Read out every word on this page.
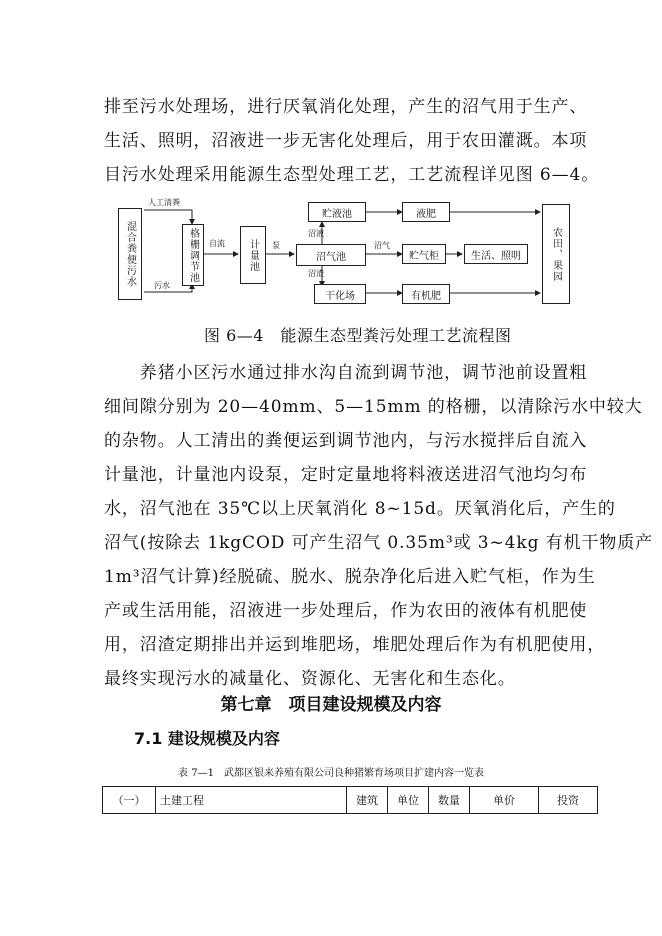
排至污水处理场，进行厌氧消化处理，产生的沼气用于生产、
生活、照明，沼液进一步无害化处理后，用于农田灌溉。本项
目污水处理采用能源生态型处理工艺，工艺流程详见图 6—4。
混合粪便污水	格栅调节池	计量池	沼气池
贮液池	液肥
贮气柜	生活、照明
干化场	有机肥
农田、果园
人工清粪
污水
自流	泵
沼液
沼渣
沼气
图 6—4　能源生态型粪污处理工艺流程图
　　养猪小区污水通过排水沟自流到调节池，调节池前设置粗
细间隙分别为 20—40mm、5—15mm 的格栅，以清除污水中较大
的杂物。人工清出的粪便运到调节池内，与污水搅拌后自流入
计量池，计量池内设泵，定时定量地将料液送进沼气池均匀布
水，沼气池在 35℃以上厌氧消化 8~15d。厌氧消化后，产生的
沼气(按除去 1kgCOD 可产生沼气 0.35m³或 3~4kg 有机干物质产
1m³沼气计算)经脱硫、脱水、脱杂净化后进入贮气柜，作为生
产或生活用能，沼液进一步处理后，作为农田的液体有机肥使
用，沼渣定期排出并运到堆肥场，堆肥处理后作为有机肥使用，
最终实现污水的减量化、资源化、无害化和生态化。
第七章　项目建设规模及内容
7.1 建设规模及内容
表 7—1　武都区银来养殖有限公司良种猪繁育场项目扩建内容一览表
（一）	土建工程	建筑	单位	数量	单价	投资
